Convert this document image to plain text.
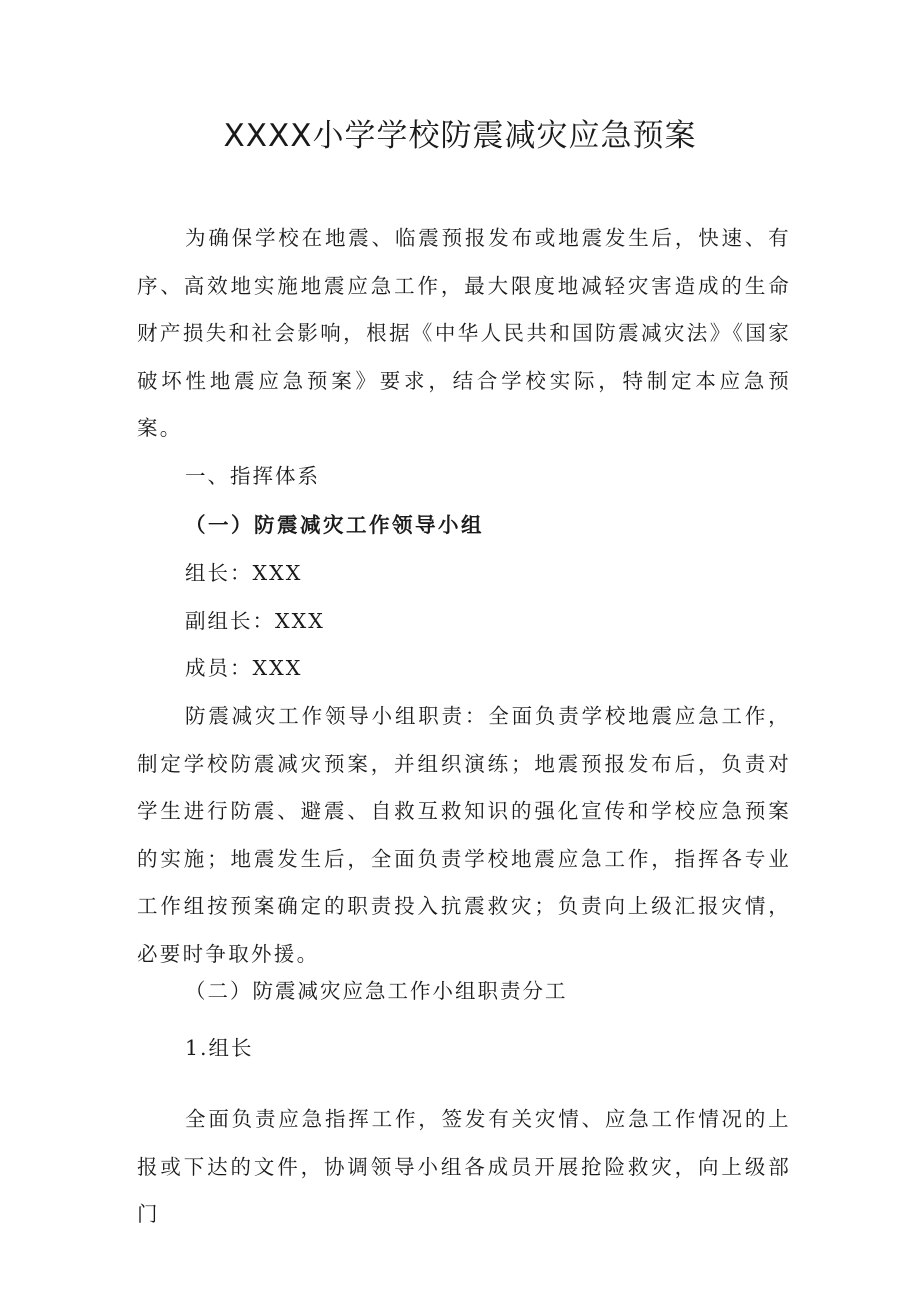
XXXX小学学校防震减灾应急预案

为确保学校在地震、临震预报发布或地震发生后，快速、有序、高效地实施地震应急工作，最大限度地减轻灾害造成的生命财产损失和社会影响，根据《中华人民共和国防震减灾法》《国家破坏性地震应急预案》要求，结合学校实际，特制定本应急预案。

一、指挥体系
（一）防震减灾工作领导小组
组长：XXX
副组长：XXX
成员：XXX

防震减灾工作领导小组职责：全面负责学校地震应急工作，制定学校防震减灾预案，并组织演练；地震预报发布后，负责对学生进行防震、避震、自救互救知识的强化宣传和学校应急预案的实施；地震发生后，全面负责学校地震应急工作，指挥各专业工作组按预案确定的职责投入抗震救灾；负责向上级汇报灾情，必要时争取外援。

（二）防震减灾应急工作小组职责分工
1.组长

全面负责应急指挥工作，签发有关灾情、应急工作情况的上报或下达的文件，协调领导小组各成员开展抢险救灾，向上级部门
